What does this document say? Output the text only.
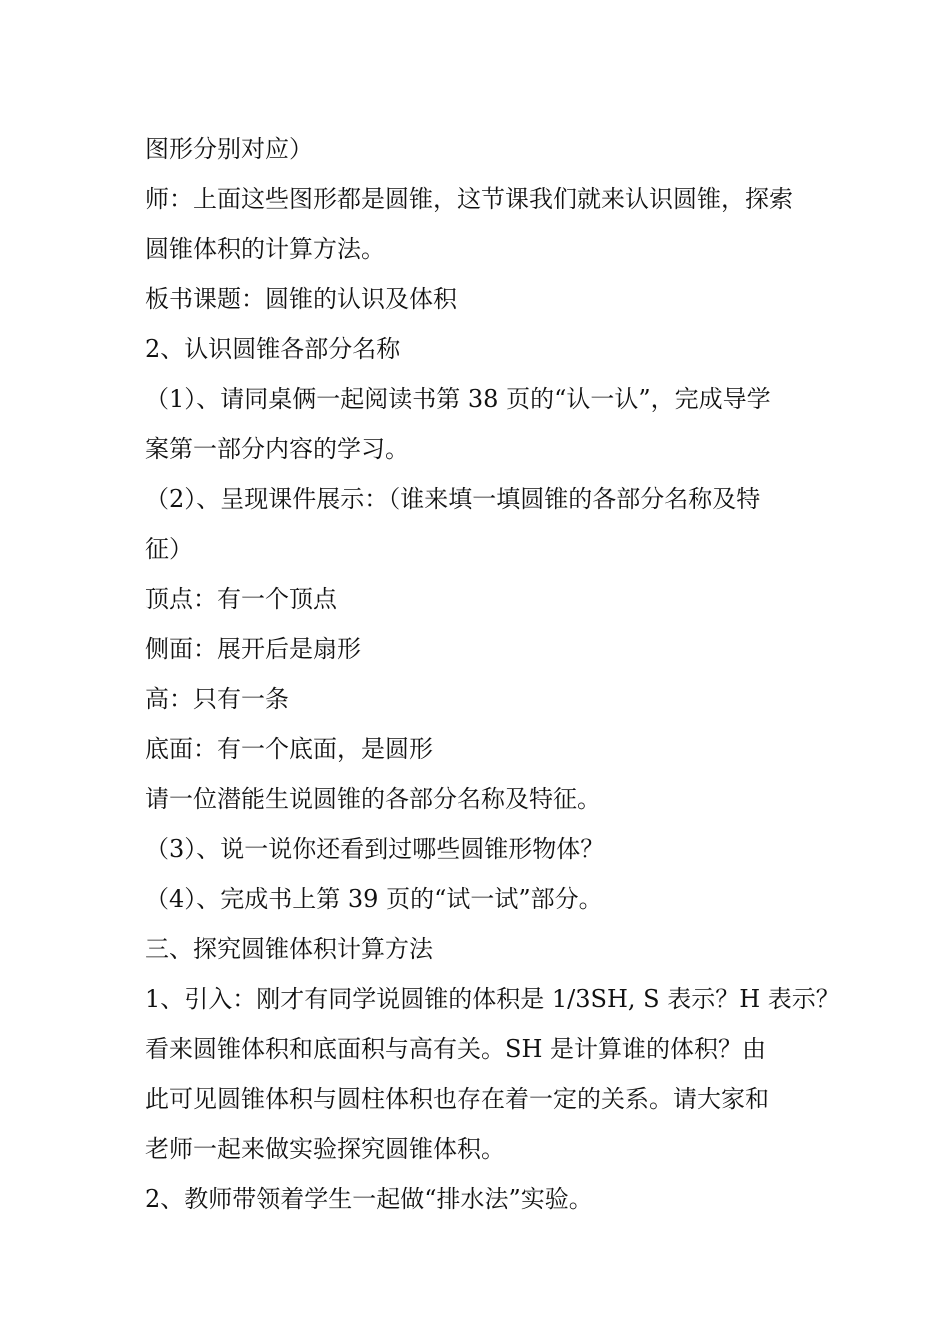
图形分别对应）
师：上面这些图形都是圆锥，这节课我们就来认识圆锥，探索
圆锥体积的计算方法。
板书课题：圆锥的认识及体积
2、认识圆锥各部分名称
（1）、请同桌俩一起阅读书第 38 页的“认一认”，完成导学
案第一部分内容的学习。
（2）、呈现课件展示：（谁来填一填圆锥的各部分名称及特
征）
顶点：有一个顶点
侧面：展开后是扇形
高：只有一条
底面：有一个底面，是圆形
请一位潜能生说圆锥的各部分名称及特征。
（3）、说一说你还看到过哪些圆锥形物体？
（4）、完成书上第 39 页的“试一试”部分。
三、探究圆锥体积计算方法
1、引入：刚才有同学说圆锥的体积是 1/3SH, S 表示？H 表示？
看来圆锥体积和底面积与高有关。SH 是计算谁的体积？由
此可见圆锥体积与圆柱体积也存在着一定的关系。请大家和
老师一起来做实验探究圆锥体积。
2、教师带领着学生一起做“排水法”实验。
